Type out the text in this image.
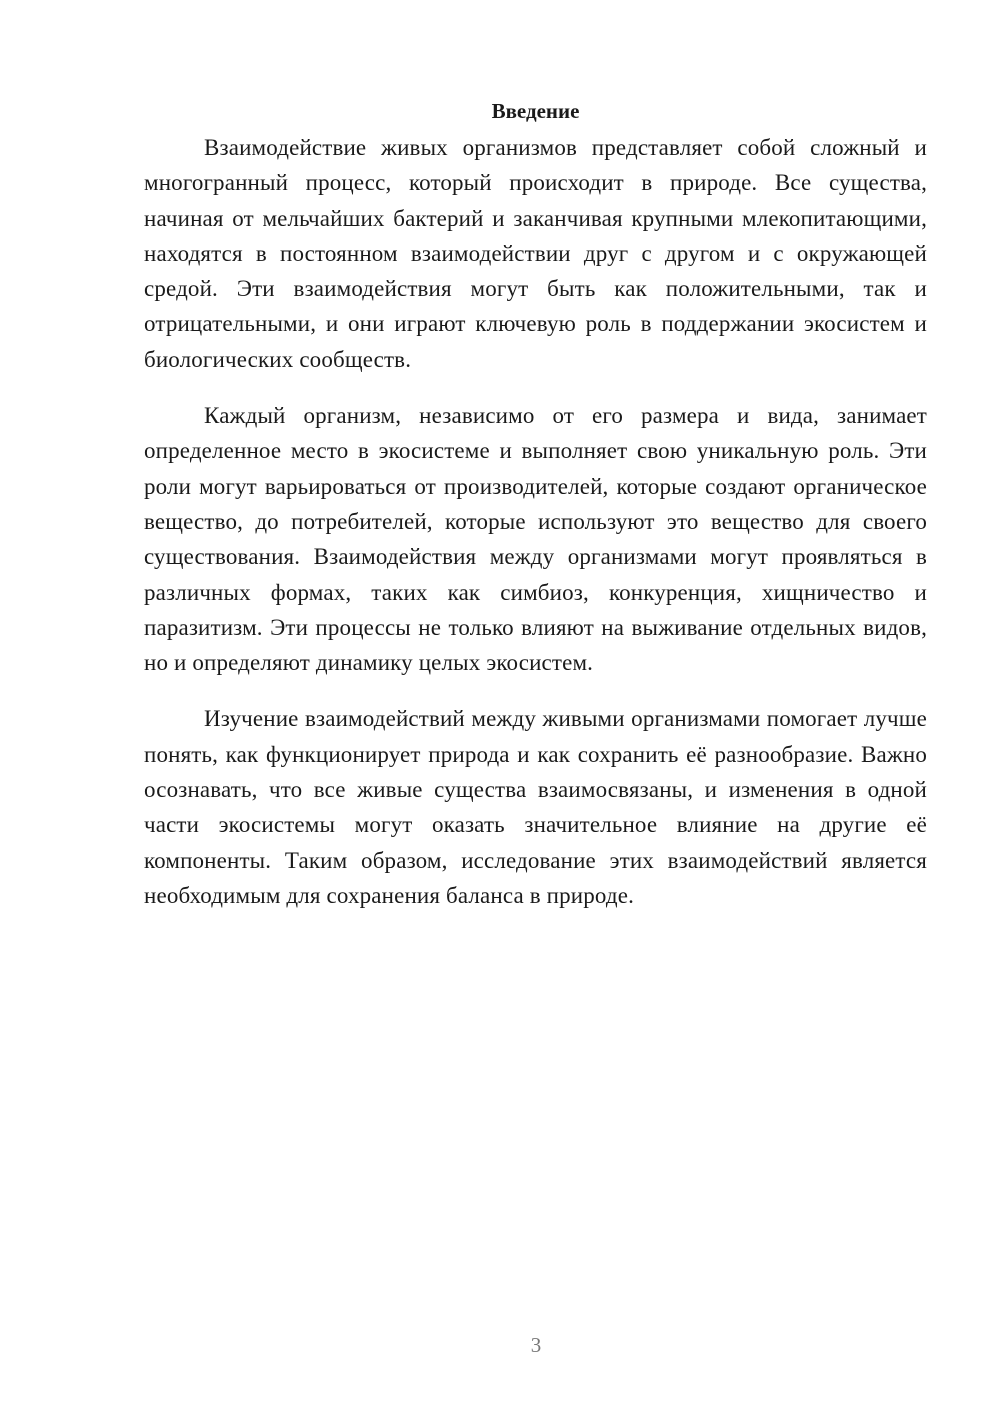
Введение

Взаимодействие живых организмов представляет собой сложный и многогранный процесс, который происходит в природе. Все существа, начиная от мельчайших бактерий и заканчивая крупными млекопитающими, находятся в постоянном взаимодействии друг с другом и с окружающей средой. Эти взаимодействия могут быть как положительными, так и отрицательными, и они играют ключевую роль в поддержании экосистем и биологических сообществ.

Каждый организм, независимо от его размера и вида, занимает определенное место в экосистеме и выполняет свою уникальную роль. Эти роли могут варьироваться от производителей, которые создают органическое вещество, до потребителей, которые используют это вещество для своего существования. Взаимодействия между организмами могут проявляться в различных формах, таких как симбиоз, конкуренция, хищничество и паразитизм. Эти процессы не только влияют на выживание отдельных видов, но и определяют динамику целых экосистем.

Изучение взаимодействий между живыми организмами помогает лучше понять, как функционирует природа и как сохранить её разнообразие. Важно осознавать, что все живые существа взаимосвязаны, и изменения в одной части экосистемы могут оказать значительное влияние на другие её компоненты. Таким образом, исследование этих взаимодействий является необходимым для сохранения баланса в природе.

3
